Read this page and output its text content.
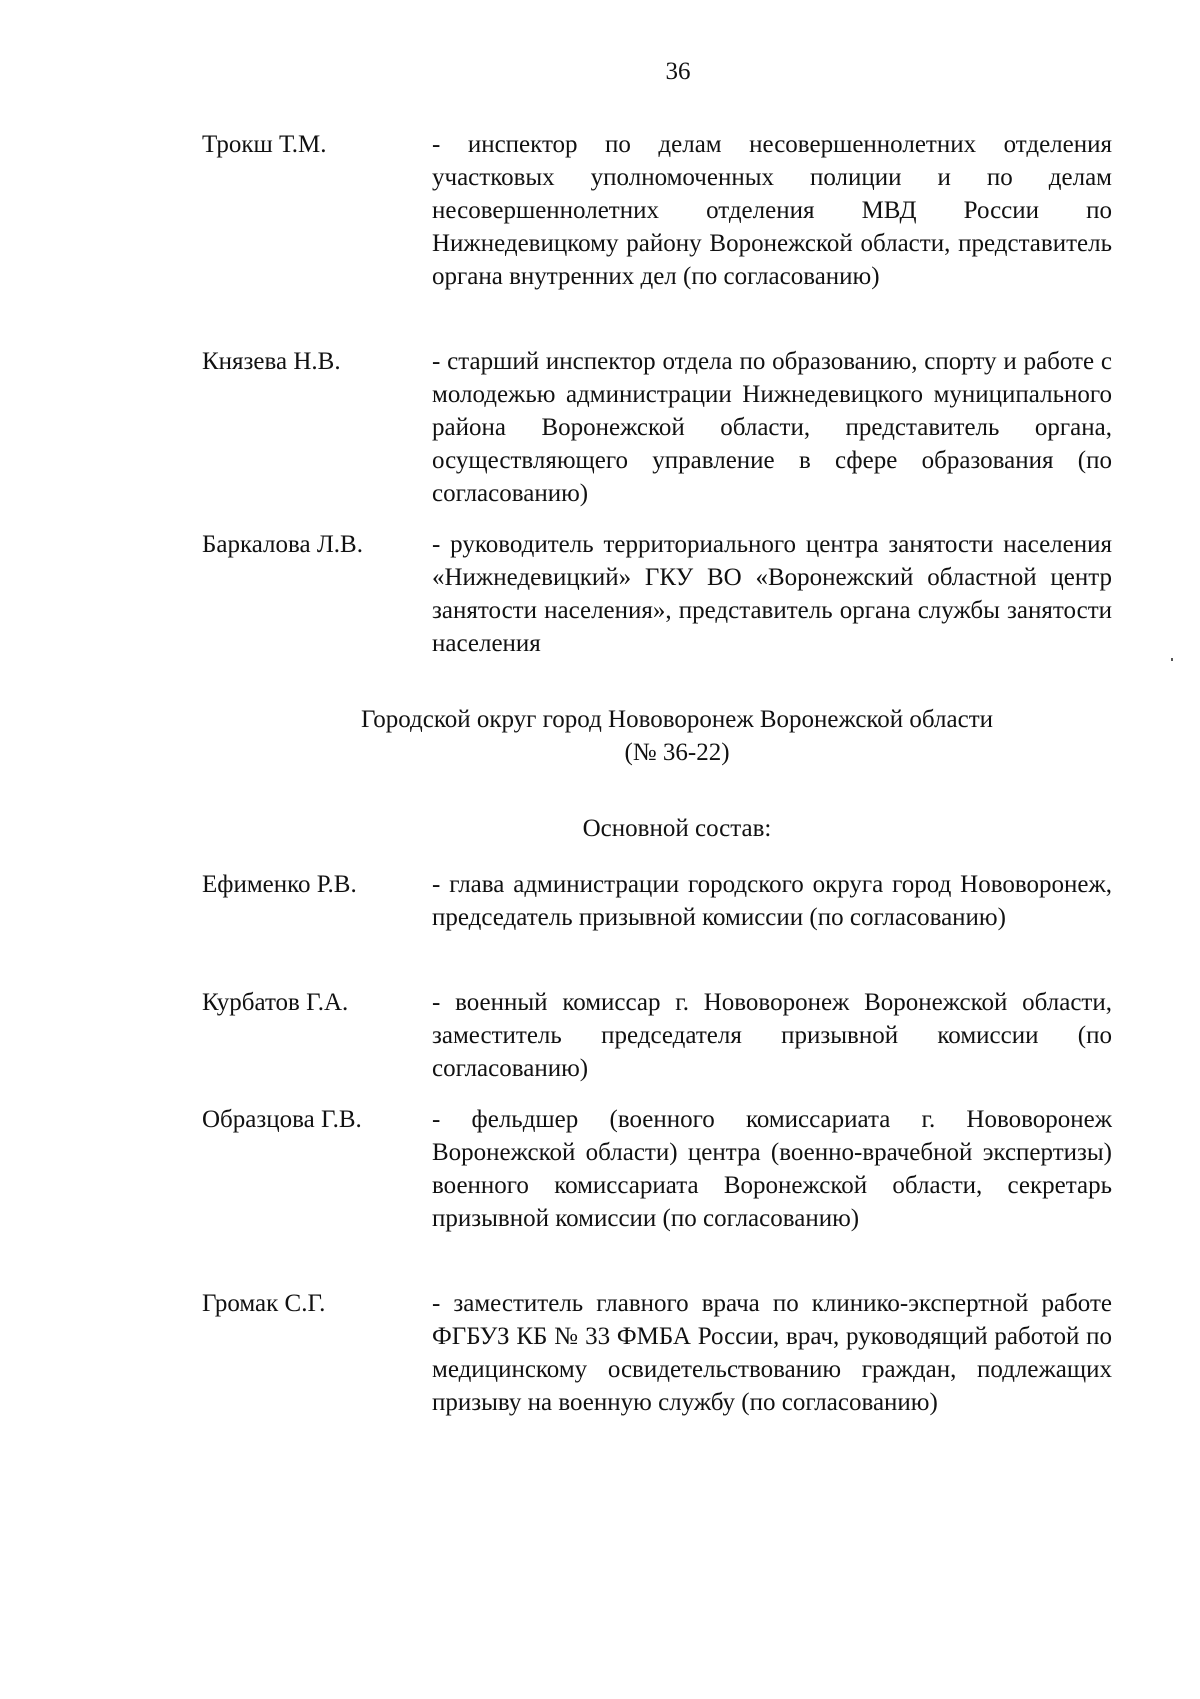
36
Трокш Т.М.	- инспектор по делам несовершеннолетних отделения участковых уполномоченных полиции и по делам несовершеннолетних отделения МВД России по Нижнедевицкому району Воронежской области, представитель органа внутренних дел (по согласованию)
Князева Н.В.	- старший инспектор отдела по образованию, спорту и работе с молодежью администрации Нижнедевицкого муниципального района Воронежской области, представитель органа, осуществляющего управление в сфере образования (по согласованию)
Баркалова Л.В.	- руководитель территориального центра занятости населения «Нижнедевицкий» ГКУ ВО «Воронежский областной центр занятости населения», представитель органа службы занятости населения
Городской округ город Нововоронеж Воронежской области
(№ 36-22)
Основной состав:
Ефименко Р.В.	- глава администрации городского округа город Нововоронеж, председатель призывной комиссии (по согласованию)
Курбатов Г.А.	- военный комиссар г. Нововоронеж Воронежской области, заместитель председателя призывной комиссии (по согласованию)
Образцова Г.В.	- фельдшер (военного комиссариата г. Нововоронеж Воронежской области) центра (военно-врачебной экспертизы) военного комиссариата Воронежской области, секретарь призывной комиссии (по согласованию)
Громак С.Г.	- заместитель главного врача по клинико-экспертной работе ФГБУЗ КБ № 33 ФМБА России, врач, руководящий работой по медицинскому освидетельствованию граждан, подлежащих призыву на военную службу (по согласованию)
